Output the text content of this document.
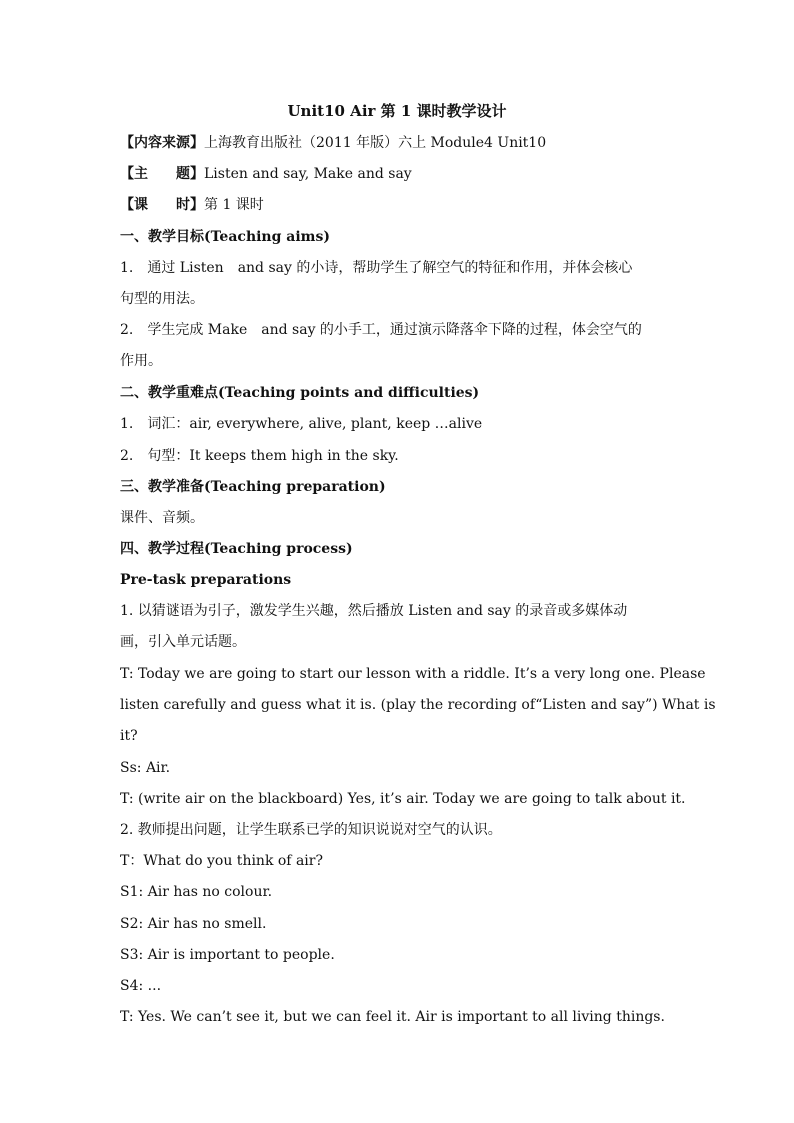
Unit10 Air 第 1 课时教学设计
【内容来源】上海教育出版社（2011 年版）六上 Module4 Unit10
【主　　题】Listen and say, Make and say
【课　　时】第 1 课时
一、教学目标(Teaching aims)
1.　通过 Listen　and say 的小诗，帮助学生了解空气的特征和作用，并体会核心
句型的用法。
2.　学生完成 Make　and say 的小手工，通过演示降落伞下降的过程，体会空气的
作用。
二、教学重难点(Teaching points and difficulties)
1.　词汇：air, everywhere, alive, plant, keep …alive
2.　句型：It keeps them high in the sky.
三、教学准备(Teaching preparation)
课件、音频。
四、教学过程(Teaching process)
Pre-task preparations
1. 以猜谜语为引子，激发学生兴趣，然后播放 Listen and say 的录音或多媒体动
画，引入单元话题。
T: Today we are going to start our lesson with a riddle. It’s a very long one. Please
listen carefully and guess what it is. (play the recording of“Listen and say”) What is
it?
Ss: Air.
T: (write air on the blackboard) Yes, it’s air. Today we are going to talk about it.
2. 教师提出问题，让学生联系已学的知识说说对空气的认识。
T：What do you think of air?
S1: Air has no colour.
S2: Air has no smell.
S3: Air is important to people.
S4: ...
T: Yes. We can’t see it, but we can feel it. Air is important to all living things.
